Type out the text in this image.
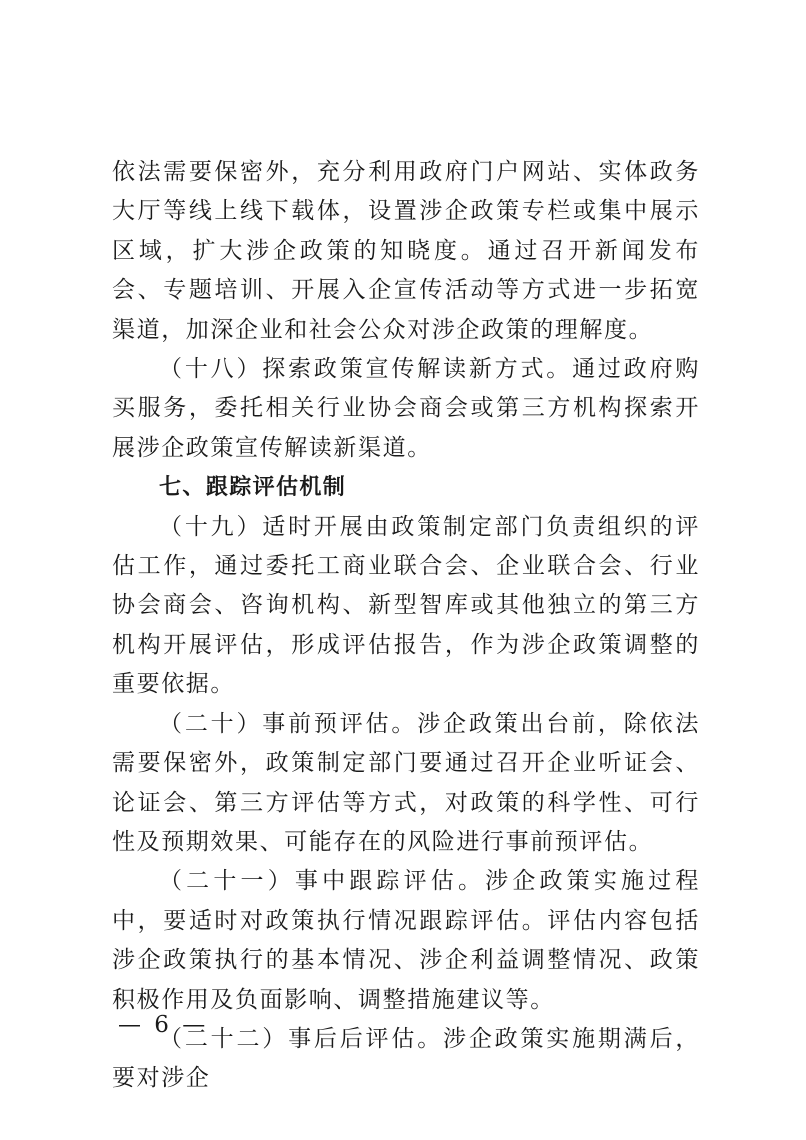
依法需要保密外，充分利用政府门户网站、实体政务大厅等线上线下载体，设置涉企政策专栏或集中展示区域，扩大涉企政策的知晓度。通过召开新闻发布会、专题培训、开展入企宣传活动等方式进一步拓宽渠道，加深企业和社会公众对涉企政策的理解度。

（十八）探索政策宣传解读新方式。通过政府购买服务，委托相关行业协会商会或第三方机构探索开展涉企政策宣传解读新渠道。

七、跟踪评估机制

（十九）适时开展由政策制定部门负责组织的评估工作，通过委托工商业联合会、企业联合会、行业协会商会、咨询机构、新型智库或其他独立的第三方机构开展评估，形成评估报告，作为涉企政策调整的重要依据。

（二十）事前预评估。涉企政策出台前，除依法需要保密外，政策制定部门要通过召开企业听证会、论证会、第三方评估等方式，对政策的科学性、可行性及预期效果、可能存在的风险进行事前预评估。

（二十一）事中跟踪评估。涉企政策实施过程中，要适时对政策执行情况跟踪评估。评估内容包括涉企政策执行的基本情况、涉企利益调整情况、政策积极作用及负面影响、调整措施建议等。

（二十二）事后后评估。涉企政策实施期满后，要对涉企

— 6 —
